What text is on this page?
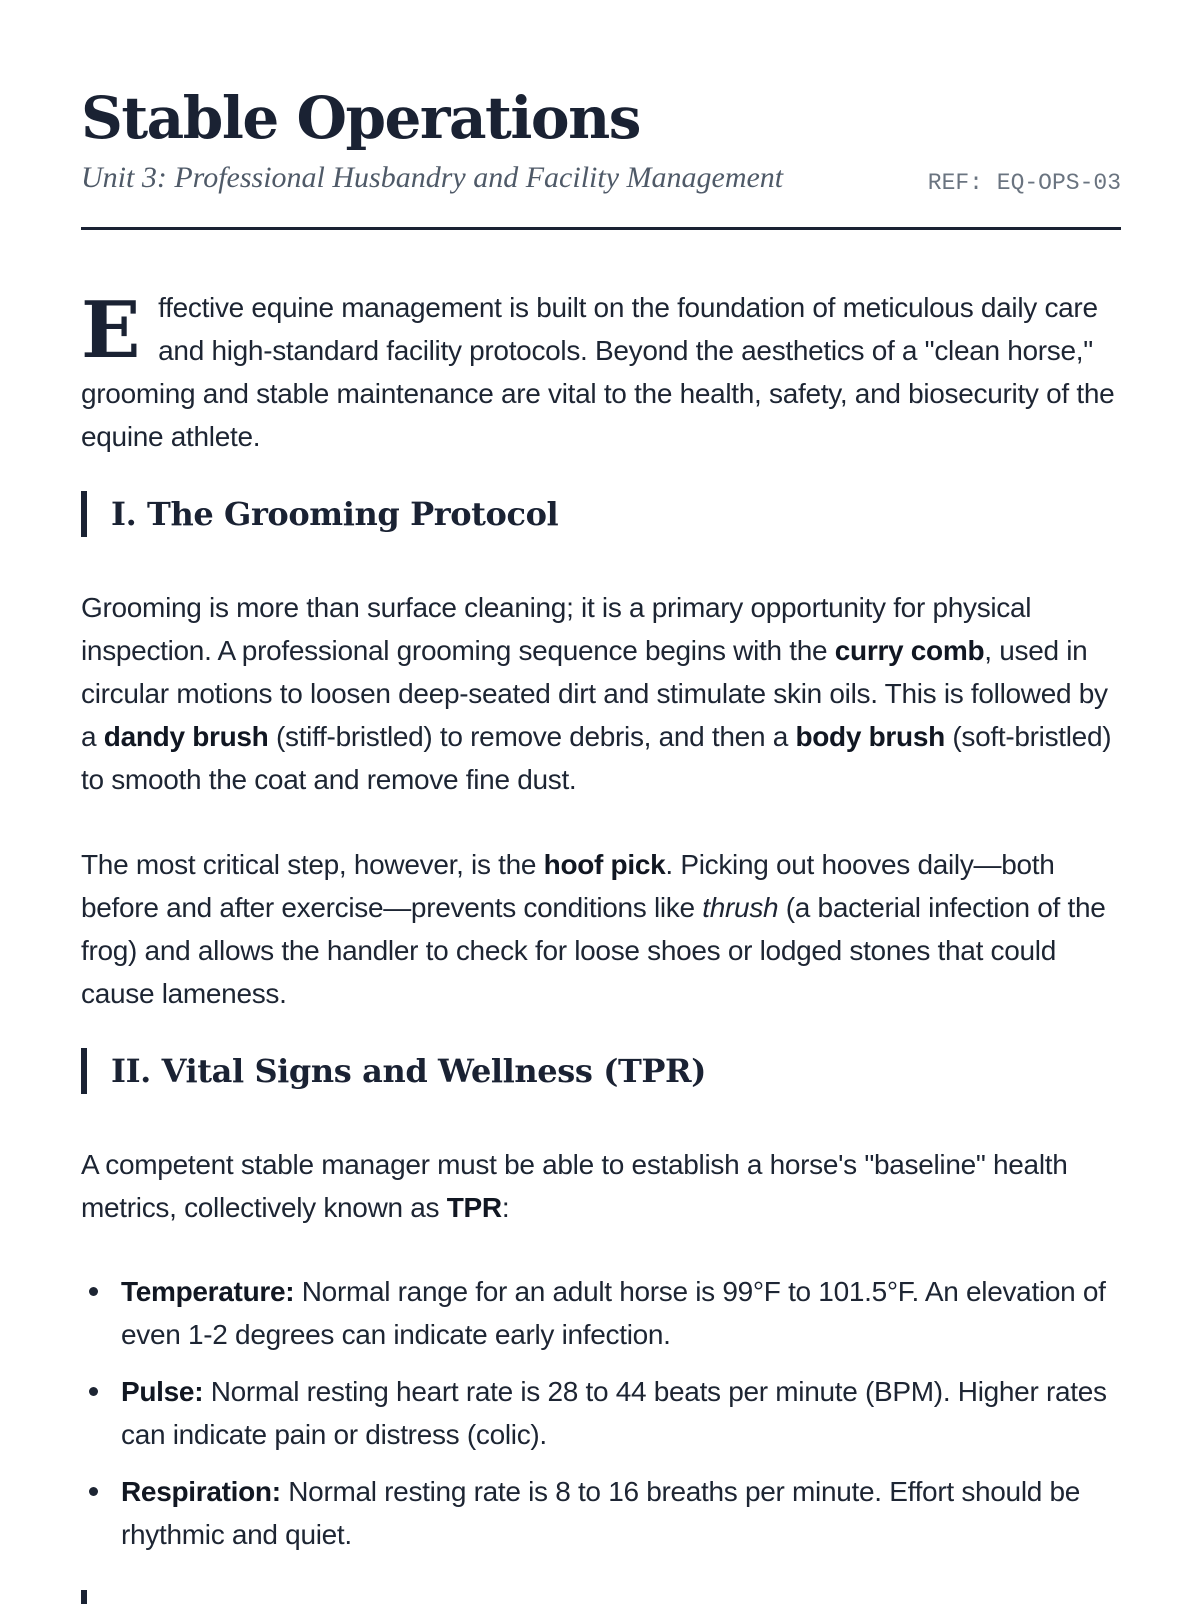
Stable Operations
Unit 3: Professional Husbandry and Facility Management	REF: EQ-OPS-03

Effective equine management is built on the foundation of meticulous daily care and high-standard facility protocols. Beyond the aesthetics of a "clean horse," grooming and stable maintenance are vital to the health, safety, and biosecurity of the equine athlete.

I. The Grooming Protocol

Grooming is more than surface cleaning; it is a primary opportunity for physical inspection. A professional grooming sequence begins with the curry comb, used in circular motions to loosen deep-seated dirt and stimulate skin oils. This is followed by a dandy brush (stiff-bristled) to remove debris, and then a body brush (soft-bristled) to smooth the coat and remove fine dust.

The most critical step, however, is the hoof pick. Picking out hooves daily—both before and after exercise—prevents conditions like thrush (a bacterial infection of the frog) and allows the handler to check for loose shoes or lodged stones that could cause lameness.

II. Vital Signs and Wellness (TPR)

A competent stable manager must be able to establish a horse's "baseline" health metrics, collectively known as TPR:

Temperature: Normal range for an adult horse is 99°F to 101.5°F. An elevation of even 1-2 degrees can indicate early infection.
Pulse: Normal resting heart rate is 28 to 44 beats per minute (BPM). Higher rates can indicate pain or distress (colic).
Respiration: Normal resting rate is 8 to 16 breaths per minute. Effort should be rhythmic and quiet.
